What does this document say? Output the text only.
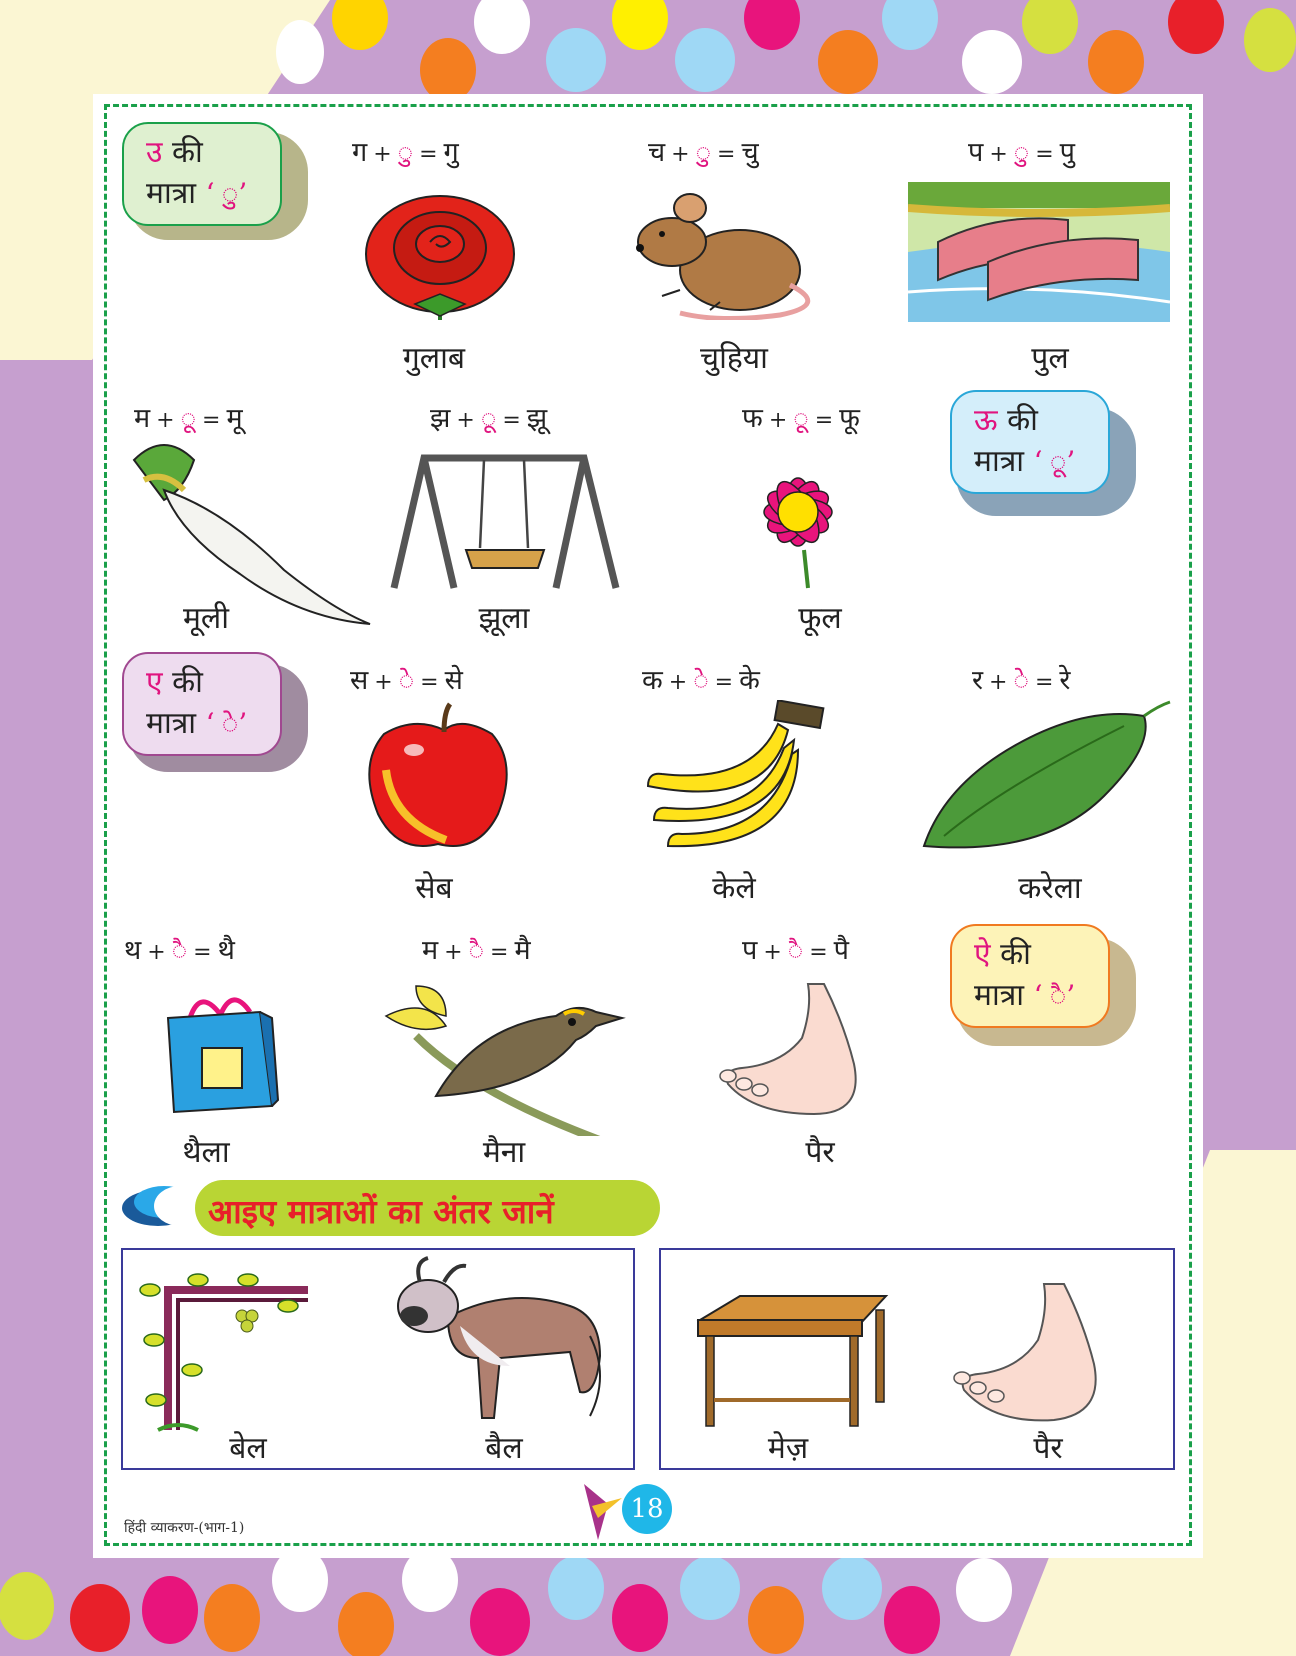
उ की
मात्रा ‘ ु’
ग + ु = गु	च + ु = चु	प + ु = पु
गुलाब	चुहिया	पुल
म + ू = मू	झ + ू = झू	फ + ू = फू	ऊ की
मात्रा ‘ ू’
मूली	झूला	फूल
ए की
मात्रा ‘ े’
स + े = से	क + े = के	र + े = रे
सेब	केले	करेला
थ + ै = थै	म + ै = मै	प + ै = पै	ऐ की
मात्रा ‘ ै’
थैला	मैना	पैर
आइए मात्राओं का अंतर जानें
बेल	बैल	मेज़	पैर
हिंदी व्याकरण-(भाग-1)
18
